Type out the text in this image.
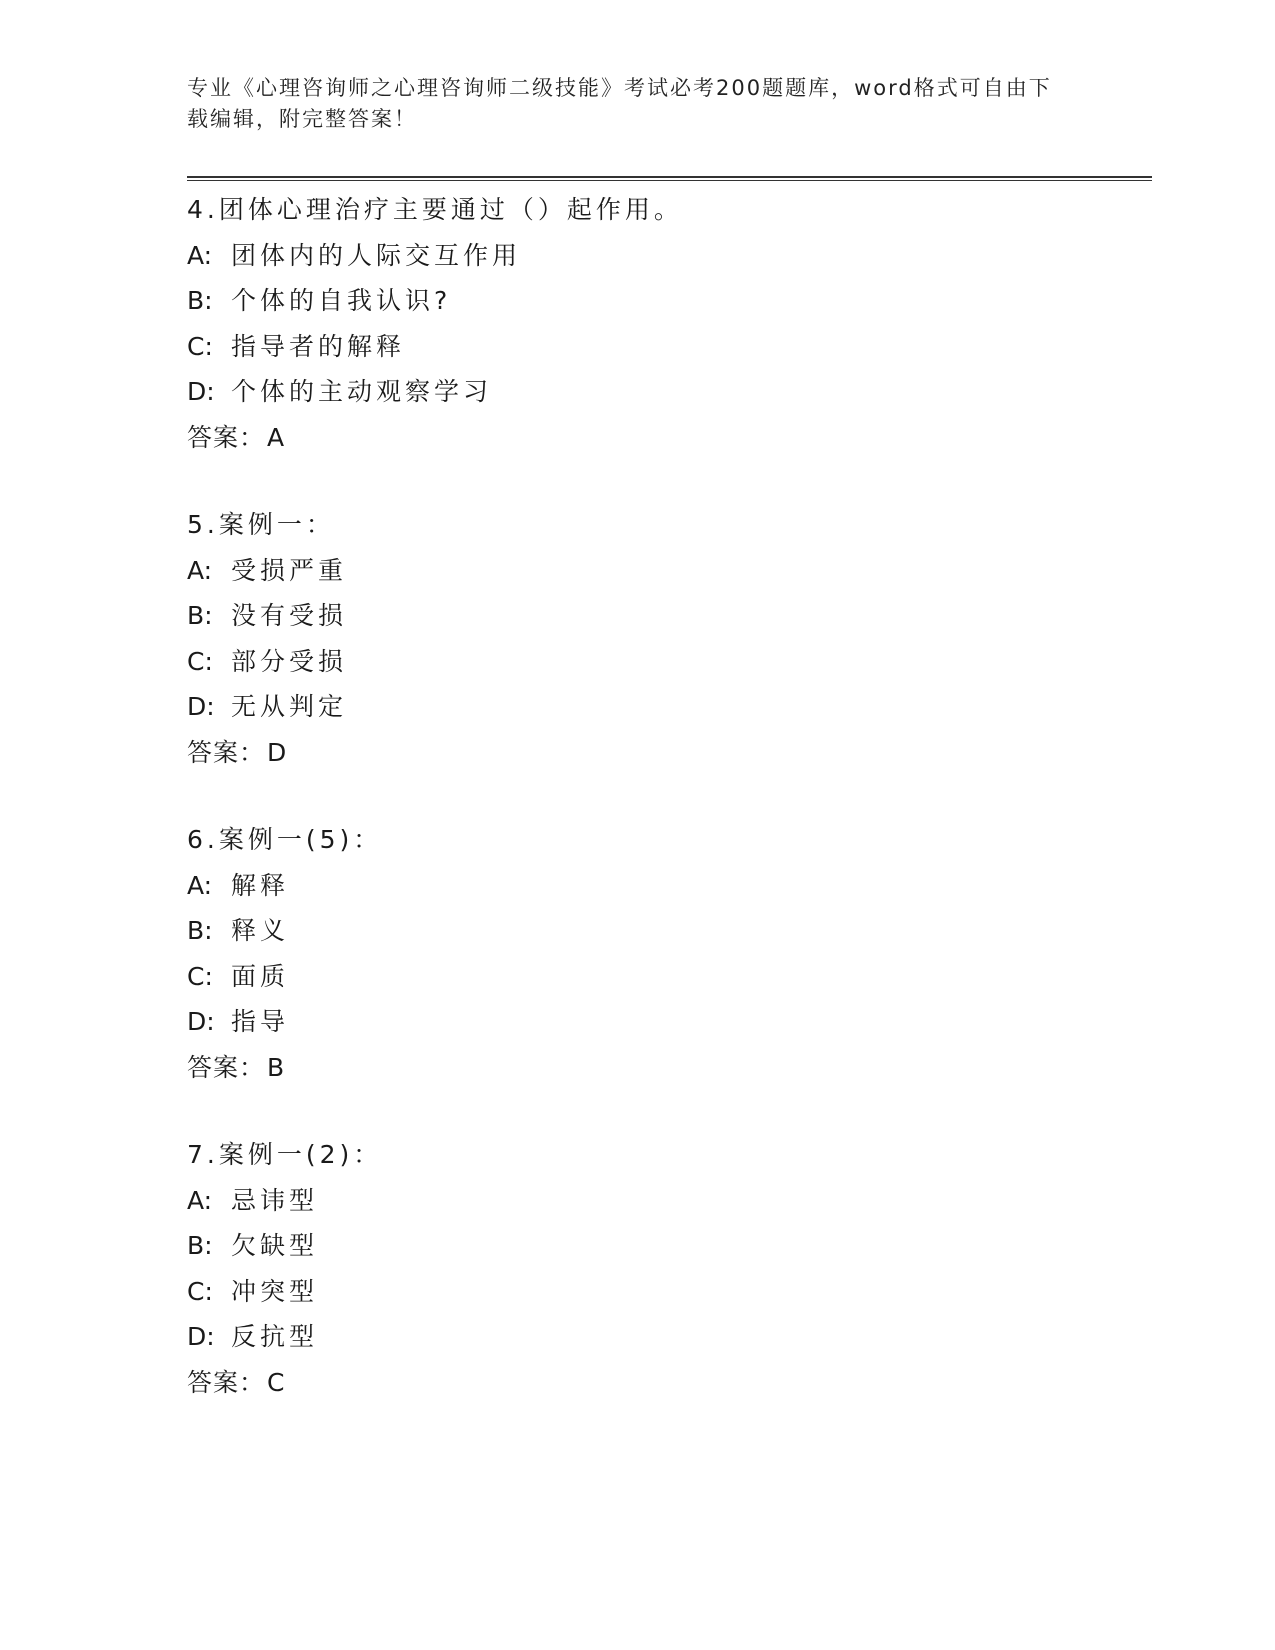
专业《心理咨询师之心理咨询师二级技能》考试必考200题题库，word格式可自由下载编辑，附完整答案！
4.团体心理治疗主要通过（）起作用。
A: 团体内的人际交互作用
B: 个体的自我认识?
C: 指导者的解释
D: 个体的主动观察学习
答案：A
5.案例一：
A: 受损严重
B: 没有受损
C: 部分受损
D: 无从判定
答案：D
6.案例一(5)：
A: 解释
B: 释义
C: 面质
D: 指导
答案：B
7.案例一(2)：
A: 忌讳型
B: 欠缺型
C: 冲突型
D: 反抗型
答案：C
